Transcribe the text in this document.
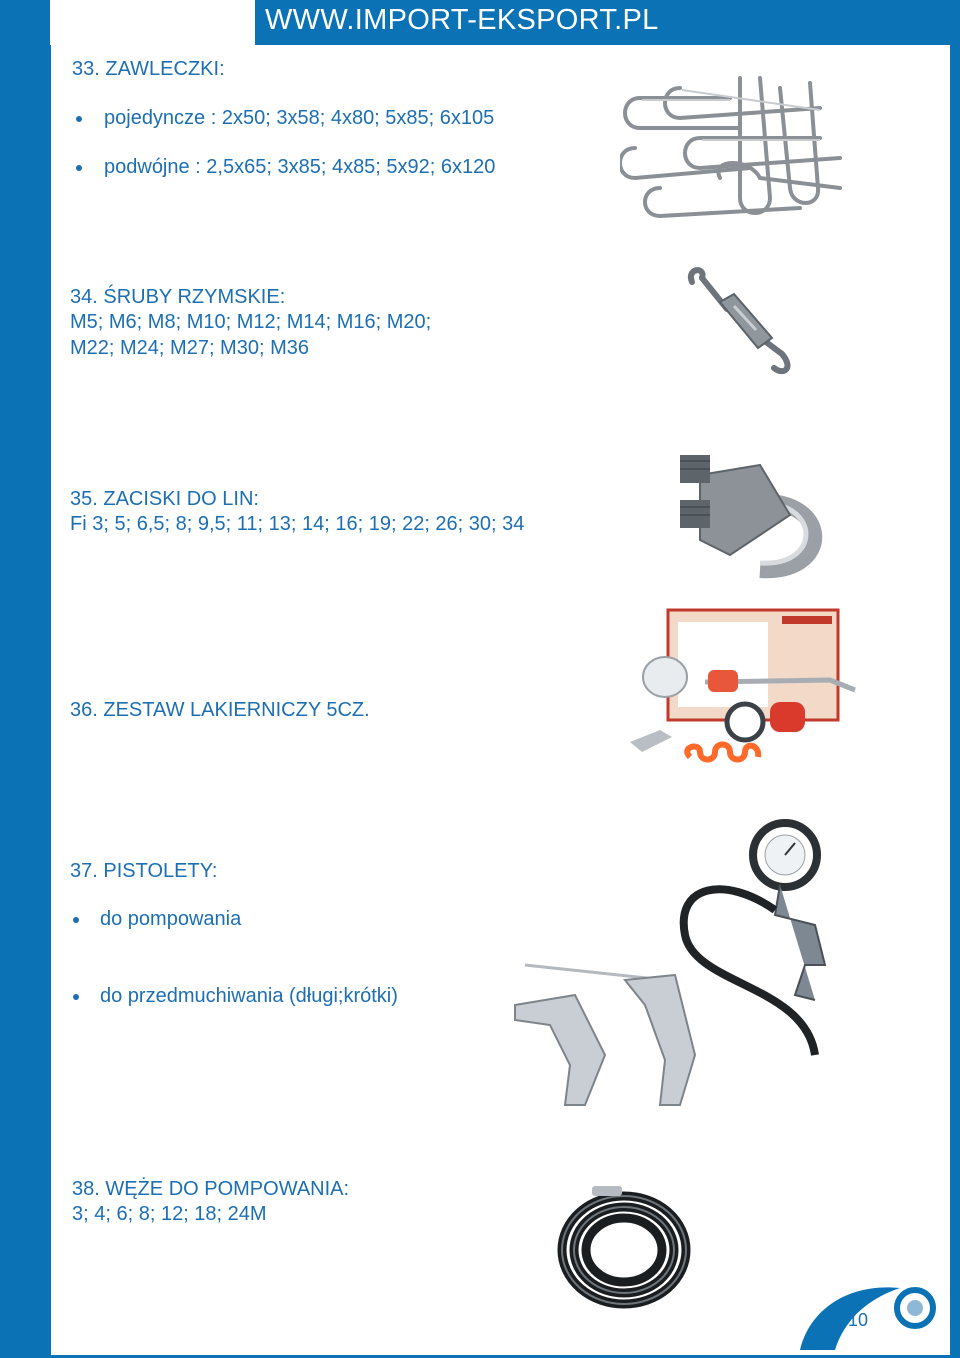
WWW.IMPORT-EKSPORT.PL
33. ZAWLECZKI:
pojedyncze : 2x50; 3x58; 4x80; 5x85; 6x105
podwójne : 2,5x65; 3x85; 4x85; 5x92; 6x120
34. ŚRUBY RZYMSKIE:
M5; M6; M8; M10; M12; M14; M16; M20;
M22; M24; M27; M30; M36
35. ZACISKI DO LIN:
Fi 3; 5; 6,5; 8; 9,5; 11; 13; 14; 16; 19; 22; 26; 30; 34
36. ZESTAW LAKIERNICZY 5CZ.
37. PISTOLETY:
do pompowania
do przedmuchiwania (długi;krótki)
38. WĘŻE DO POMPOWANIA:
3; 4; 6; 8; 12; 18; 24M
10
